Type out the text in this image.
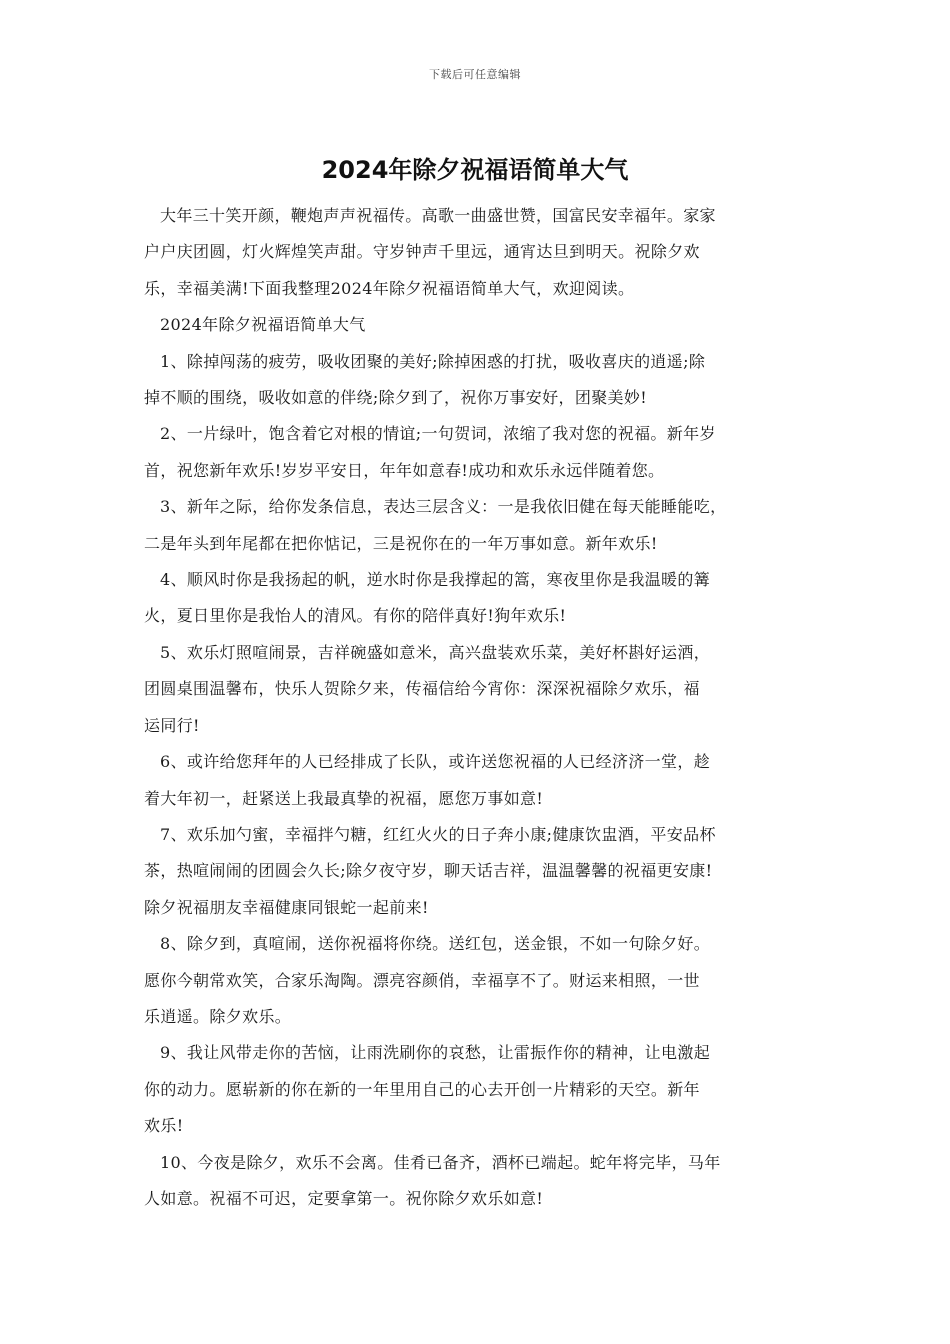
下载后可任意编辑
2024年除夕祝福语简单大气
大年三十笑开颜，鞭炮声声祝福传。高歌一曲盛世赞，国富民安幸福年。家家
户户庆团圆，灯火辉煌笑声甜。守岁钟声千里远，通宵达旦到明天。祝除夕欢
乐，幸福美满!下面我整理2024年除夕祝福语简单大气，欢迎阅读。
2024年除夕祝福语简单大气
1、除掉闯荡的疲劳，吸收团聚的美好;除掉困惑的打扰，吸收喜庆的逍遥;除
掉不顺的围绕，吸收如意的伴绕;除夕到了，祝你万事安好，团聚美妙!
2、一片绿叶，饱含着它对根的情谊;一句贺词，浓缩了我对您的祝福。新年岁
首，祝您新年欢乐!岁岁平安日，年年如意春!成功和欢乐永远伴随着您。
3、新年之际，给你发条信息，表达三层含义：一是我依旧健在每天能睡能吃，
二是年头到年尾都在把你惦记，三是祝你在的一年万事如意。新年欢乐!
4、顺风时你是我扬起的帆，逆水时你是我撑起的篙，寒夜里你是我温暖的篝
火，夏日里你是我怡人的清风。有你的陪伴真好!狗年欢乐!
5、欢乐灯照喧闹景，吉祥碗盛如意米，高兴盘装欢乐菜，美好杯斟好运酒，
团圆桌围温馨布，快乐人贺除夕来，传福信给今宵你：深深祝福除夕欢乐，福
运同行!
6、或许给您拜年的人已经排成了长队，或许送您祝福的人已经济济一堂，趁
着大年初一，赶紧送上我最真挚的祝福，愿您万事如意!
7、欢乐加勺蜜，幸福拌勺糖，红红火火的日子奔小康;健康饮盅酒，平安品杯
茶，热喧闹闹的团圆会久长;除夕夜守岁，聊天话吉祥，温温馨馨的祝福更安康!
除夕祝福朋友幸福健康同银蛇一起前来!
8、除夕到，真喧闹，送你祝福将你绕。送红包，送金银，不如一句除夕好。
愿你今朝常欢笑，合家乐淘陶。漂亮容颜俏，幸福享不了。财运来相照，一世
乐逍遥。除夕欢乐。
9、我让风带走你的苦恼，让雨洗刷你的哀愁，让雷振作你的精神，让电激起
你的动力。愿崭新的你在新的一年里用自己的心去开创一片精彩的天空。新年
欢乐!
10、今夜是除夕，欢乐不会离。佳肴已备齐，酒杯已端起。蛇年将完毕，马年
人如意。祝福不可迟，定要拿第一。祝你除夕欢乐如意!
